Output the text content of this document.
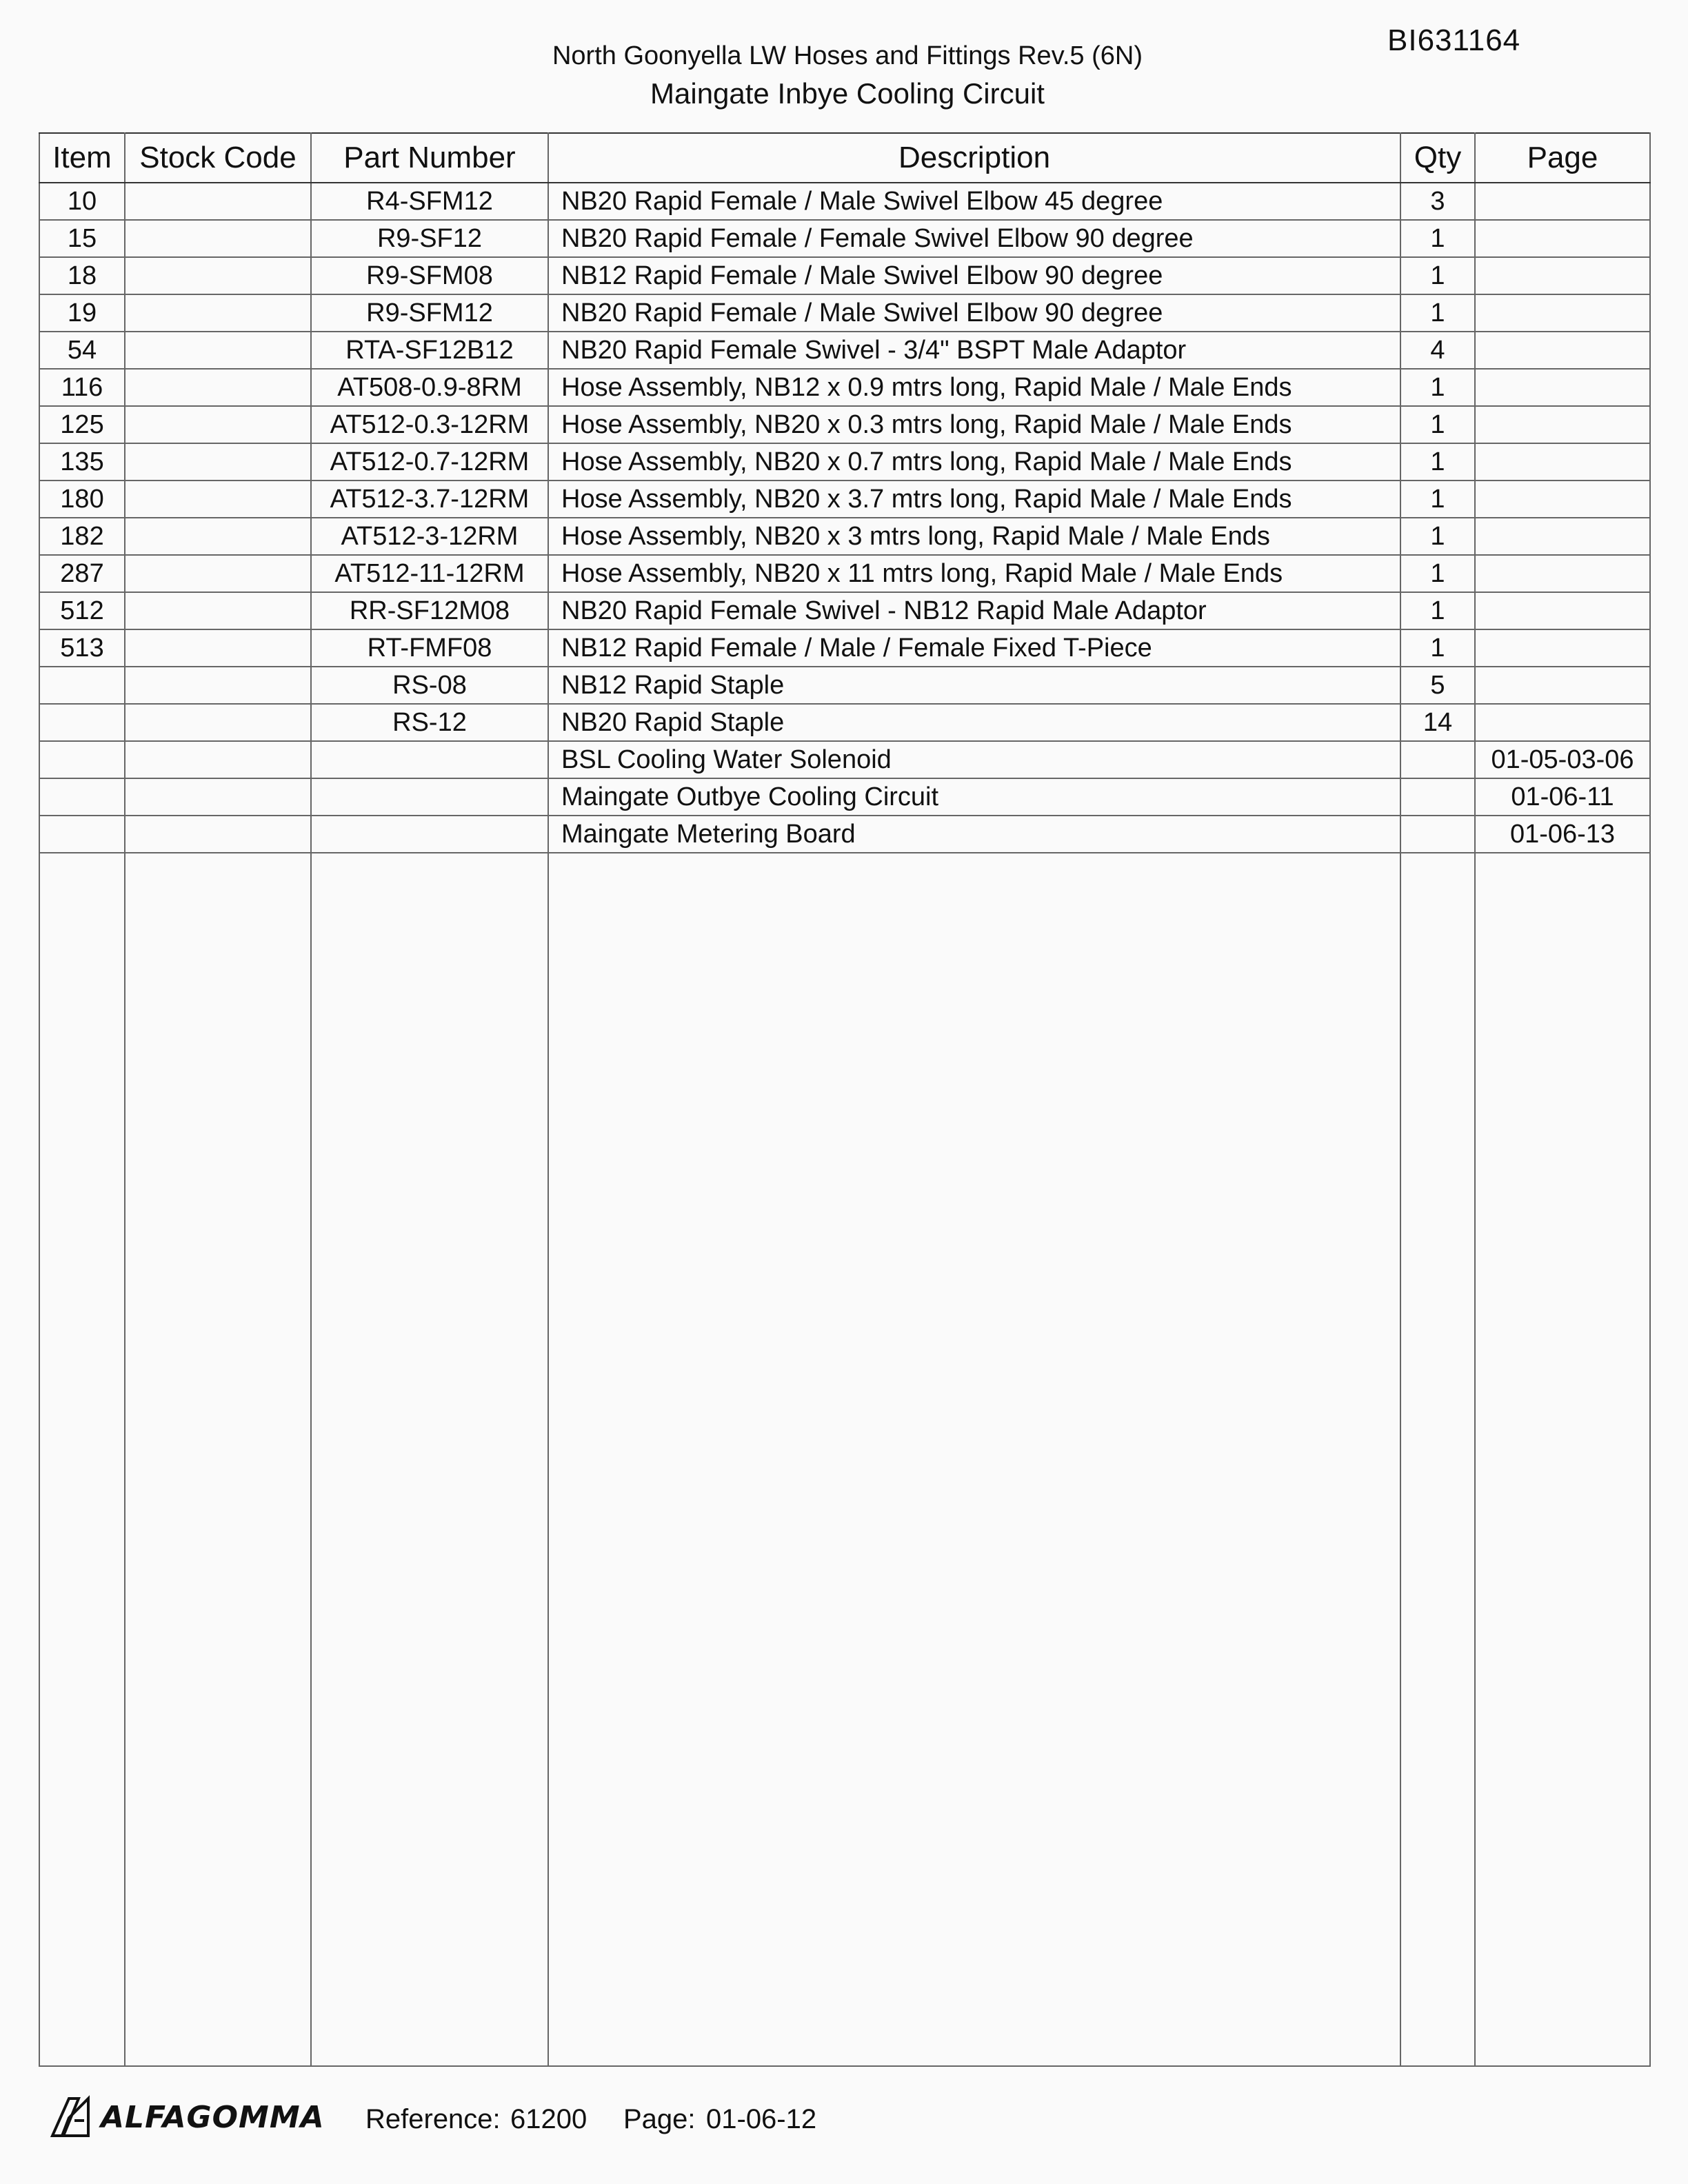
BI631164
North Goonyella LW Hoses and Fittings Rev.5 (6N)
Maingate Inbye Cooling Circuit
Item	Stock Code	Part Number	Description	Qty	Page
10		R4-SFM12	NB20 Rapid Female / Male Swivel Elbow 45 degree	3	
15		R9-SF12	NB20 Rapid Female / Female Swivel Elbow 90 degree	1	
18		R9-SFM08	NB12 Rapid Female / Male Swivel Elbow 90 degree	1	
19		R9-SFM12	NB20 Rapid Female / Male Swivel Elbow 90 degree	1	
54		RTA-SF12B12	NB20 Rapid Female Swivel - 3/4" BSPT Male Adaptor	4	
116		AT508-0.9-8RM	Hose Assembly, NB12 x 0.9 mtrs long, Rapid Male / Male Ends	1	
125		AT512-0.3-12RM	Hose Assembly, NB20 x 0.3 mtrs long, Rapid Male / Male Ends	1	
135		AT512-0.7-12RM	Hose Assembly, NB20 x 0.7 mtrs long, Rapid Male / Male Ends	1	
180		AT512-3.7-12RM	Hose Assembly, NB20 x 3.7 mtrs long, Rapid Male / Male Ends	1	
182		AT512-3-12RM	Hose Assembly, NB20 x 3 mtrs long, Rapid Male / Male Ends	1	
287		AT512-11-12RM	Hose Assembly, NB20 x 11 mtrs long, Rapid Male / Male Ends	1	
512		RR-SF12M08	NB20 Rapid Female Swivel - NB12 Rapid Male Adaptor	1	
513		RT-FMF08	NB12 Rapid Female / Male / Female Fixed T-Piece	1	
		RS-08	NB12 Rapid Staple	5	
		RS-12	NB20 Rapid Staple	14	
			BSL Cooling Water Solenoid		01-05-03-06
			Maingate Outbye Cooling Circuit		01-06-11
			Maingate Metering Board		01-06-13

ALFAGOMMA Reference: 61200 Page: 01-06-12
